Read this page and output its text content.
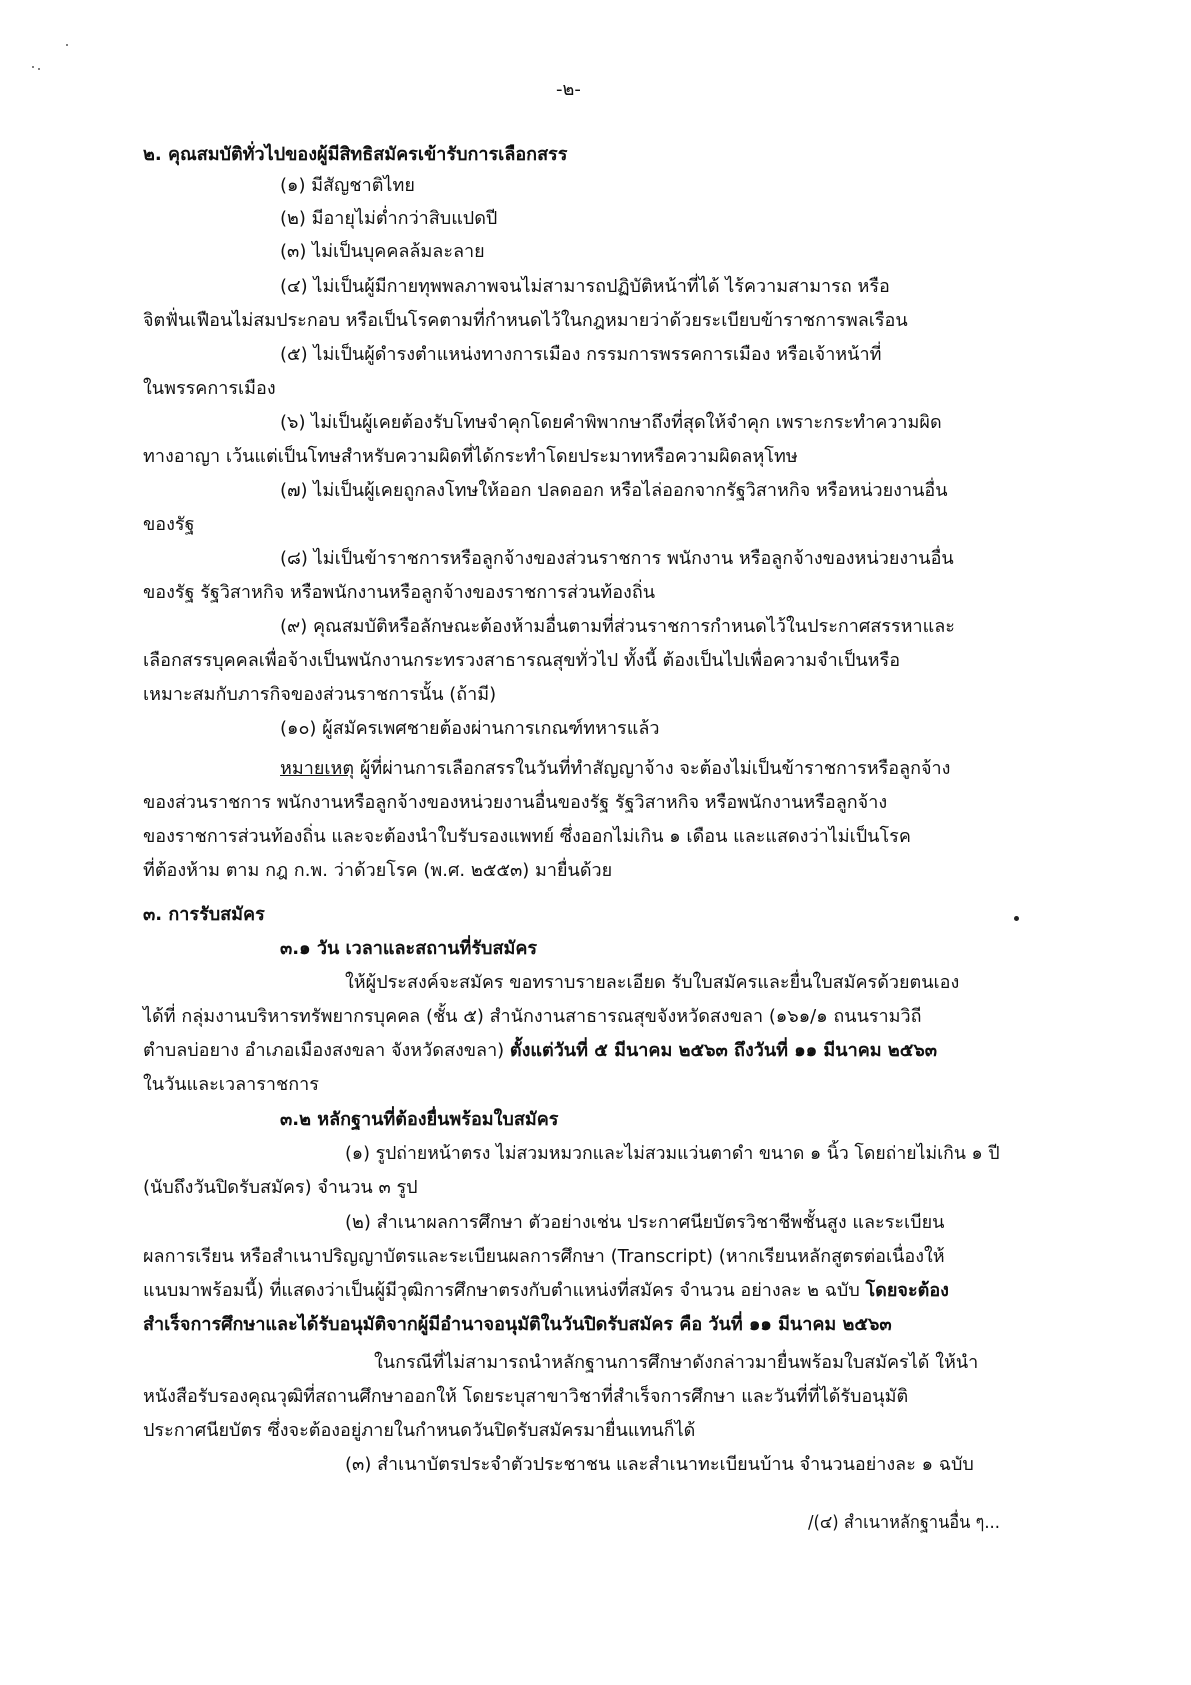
-๒-
๒. คุณสมบัติทั่วไปของผู้มีสิทธิสมัครเข้ารับการเลือกสรร
(๑) มีสัญชาติไทย
(๒) มีอายุไม่ต่ำกว่าสิบแปดปี
(๓) ไม่เป็นบุคคลล้มละลาย
(๔) ไม่เป็นผู้มีกายทุพพลภาพจนไม่สามารถปฏิบัติหน้าที่ได้ ไร้ความสามารถ หรือ
จิตฟั่นเฟือนไม่สมประกอบ หรือเป็นโรคตามที่กำหนดไว้ในกฎหมายว่าด้วยระเบียบข้าราชการพลเรือน
(๕) ไม่เป็นผู้ดำรงตำแหน่งทางการเมือง กรรมการพรรคการเมือง หรือเจ้าหน้าที่
ในพรรคการเมือง
(๖) ไม่เป็นผู้เคยต้องรับโทษจำคุกโดยคำพิพากษาถึงที่สุดให้จำคุก เพราะกระทำความผิด
ทางอาญา เว้นแต่เป็นโทษสำหรับความผิดที่ได้กระทำโดยประมาทหรือความผิดลหุโทษ
(๗) ไม่เป็นผู้เคยถูกลงโทษให้ออก ปลดออก หรือไล่ออกจากรัฐวิสาหกิจ หรือหน่วยงานอื่น
ของรัฐ
(๘) ไม่เป็นข้าราชการหรือลูกจ้างของส่วนราชการ พนักงาน หรือลูกจ้างของหน่วยงานอื่น
ของรัฐ รัฐวิสาหกิจ หรือพนักงานหรือลูกจ้างของราชการส่วนท้องถิ่น
(๙) คุณสมบัติหรือลักษณะต้องห้ามอื่นตามที่ส่วนราชการกำหนดไว้ในประกาศสรรหาและ
เลือกสรรบุคคลเพื่อจ้างเป็นพนักงานกระทรวงสาธารณสุขทั่วไป ทั้งนี้ ต้องเป็นไปเพื่อความจำเป็นหรือ
เหมาะสมกับภารกิจของส่วนราชการนั้น (ถ้ามี)
(๑๐) ผู้สมัครเพศชายต้องผ่านการเกณฑ์ทหารแล้ว
หมายเหตุ ผู้ที่ผ่านการเลือกสรรในวันที่ทำสัญญาจ้าง จะต้องไม่เป็นข้าราชการหรือลูกจ้าง
ของส่วนราชการ พนักงานหรือลูกจ้างของหน่วยงานอื่นของรัฐ รัฐวิสาหกิจ หรือพนักงานหรือลูกจ้าง
ของราชการส่วนท้องถิ่น และจะต้องนำใบรับรองแพทย์ ซึ่งออกไม่เกิน ๑ เดือน และแสดงว่าไม่เป็นโรค
ที่ต้องห้าม ตาม กฎ ก.พ. ว่าด้วยโรค (พ.ศ. ๒๕๕๓) มายื่นด้วย
๓. การรับสมัคร
๓.๑ วัน เวลาและสถานที่รับสมัคร
ให้ผู้ประสงค์จะสมัคร ขอทราบรายละเอียด รับใบสมัครและยื่นใบสมัครด้วยตนเอง
ได้ที่ กลุ่มงานบริหารทรัพยากรบุคคล (ชั้น ๕) สำนักงานสาธารณสุขจังหวัดสงขลา (๑๖๑/๑ ถนนรามวิถี
ตำบลบ่อยาง อำเภอเมืองสงขลา จังหวัดสงขลา) ตั้งแต่วันที่ ๕ มีนาคม ๒๕๖๓ ถึงวันที่ ๑๑ มีนาคม ๒๕๖๓
ในวันและเวลาราชการ
๓.๒ หลักฐานที่ต้องยื่นพร้อมใบสมัคร
(๑) รูปถ่ายหน้าตรง ไม่สวมหมวกและไม่สวมแว่นตาดำ ขนาด ๑ นิ้ว โดยถ่ายไม่เกิน ๑ ปี
(นับถึงวันปิดรับสมัคร) จำนวน ๓ รูป
(๒) สำเนาผลการศึกษา ตัวอย่างเช่น ประกาศนียบัตรวิชาชีพชั้นสูง และระเบียน
ผลการเรียน หรือสำเนาปริญญาบัตรและระเบียนผลการศึกษา (Transcript) (หากเรียนหลักสูตรต่อเนื่องให้
แนบมาพร้อมนี้) ที่แสดงว่าเป็นผู้มีวุฒิการศึกษาตรงกับตำแหน่งที่สมัคร จำนวน อย่างละ ๒ ฉบับ โดยจะต้อง
สำเร็จการศึกษาและได้รับอนุมัติจากผู้มีอำนาจอนุมัติในวันปิดรับสมัคร คือ วันที่ ๑๑ มีนาคม ๒๕๖๓
ในกรณีที่ไม่สามารถนำหลักฐานการศึกษาดังกล่าวมายื่นพร้อมใบสมัครได้ ให้นำ
หนังสือรับรองคุณวุฒิที่สถานศึกษาออกให้ โดยระบุสาขาวิชาที่สำเร็จการศึกษา และวันที่ที่ได้รับอนุมัติ
ประกาศนียบัตร ซึ่งจะต้องอยู่ภายในกำหนดวันปิดรับสมัครมายื่นแทนก็ได้
(๓) สำเนาบัตรประจำตัวประชาชน และสำเนาทะเบียนบ้าน จำนวนอย่างละ ๑ ฉบับ
/(๔) สำเนาหลักฐานอื่น ๆ...
